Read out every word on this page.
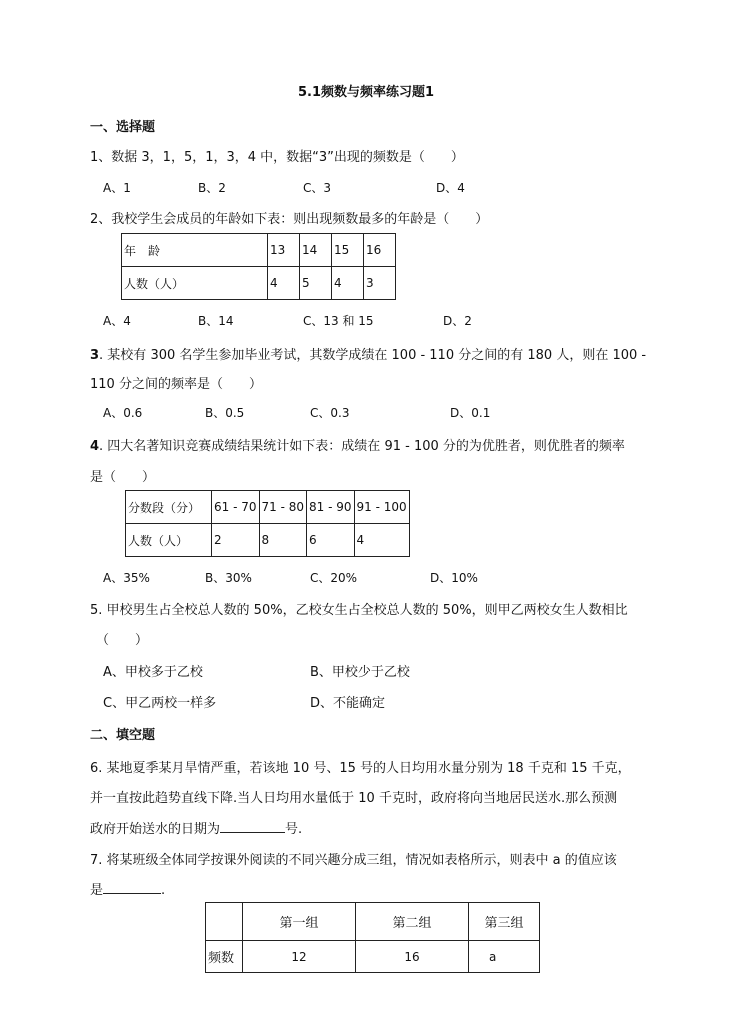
5.1频数与频率练习题1
一、选择题
1、数据 3，1，5，1，3，4 中，数据“3”出现的频数是（　　）
A、1	B、2	C、3	D、4
2、我校学生会成员的年龄如下表：则出现频数最多的年龄是（　　）
年　龄	13	14	15	16
人数（人）	4	5	4	3
A、4	B、14	C、13 和 15	D、2
3. 某校有 300 名学生参加毕业考试，其数学成绩在 100 - 110 分之间的有 180 人，则在 100 -
110 分之间的频率是（　　）
A、0.6	B、0.5	C、0.3	D、0.1
4. 四大名著知识竞赛成绩结果统计如下表：成绩在 91 - 100 分的为优胜者，则优胜者的频率
是（　　）
分数段（分）	61 - 70	71 - 80	81 - 90	91 - 100
人数（人）	2	8	6	4
A、35%	B、30%	C、20%	D、10%
5. 甲校男生占全校总人数的 50%，乙校女生占全校总人数的 50%，则甲乙两校女生人数相比
（　　）
A、甲校多于乙校	B、甲校少于乙校
C、甲乙两校一样多	D、不能确定
二、填空题
6. 某地夏季某月旱情严重，若该地 10 号、15 号的人日均用水量分别为 18 千克和 15 千克，
并一直按此趋势直线下降.当人日均用水量低于 10 千克时，政府将向当地居民送水.那么预测
政府开始送水的日期为	号.
7. 将某班级全体同学按课外阅读的不同兴趣分成三组，情况如表格所示，则表中 a 的值应该
是	.
	第一组	第二组	第三组
频数	12	16	a
